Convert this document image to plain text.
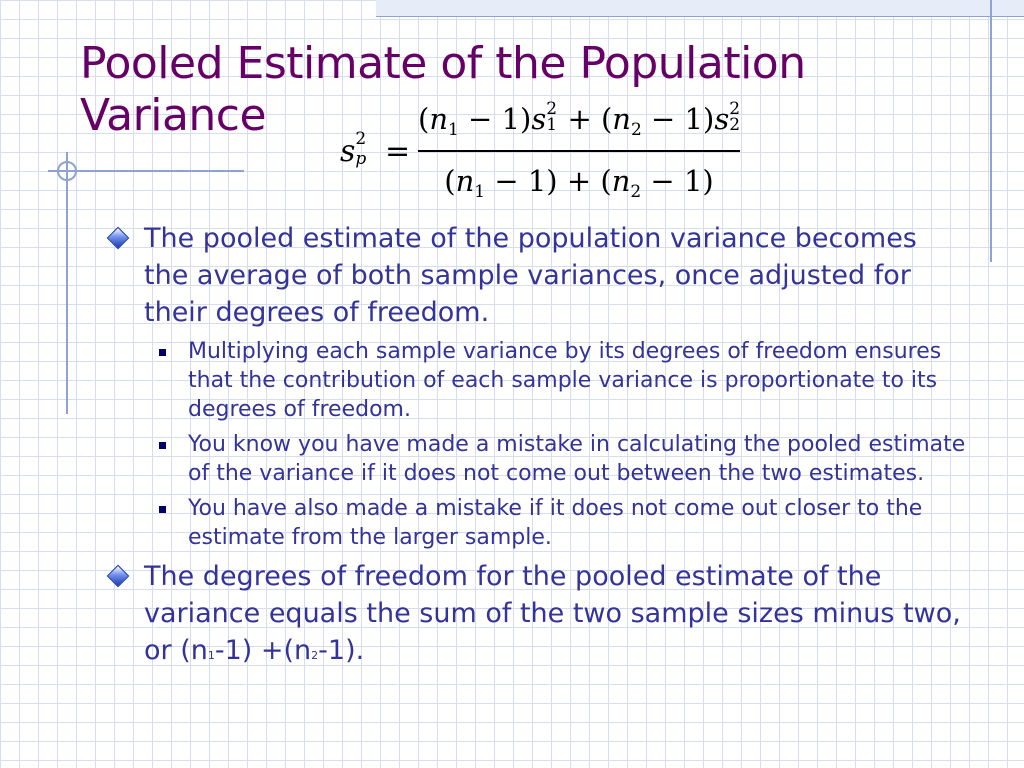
Pooled Estimate of the Population
Variance
s 2
p =
$(n_1 - 1)s$ 2
$1 + (n_2 - 1)s$ 2
2
$(n_1 - 1) + (n_2 - 1)$
The pooled estimate of the population variance becomes the average of both sample variances, once adjusted for their degrees of freedom.
Multiplying each sample variance by its degrees of freedom ensures that the contribution of each sample variance is proportionate to its degrees of freedom.
You know you have made a mistake in calculating the pooled estimate of the variance if it does not come out between the two estimates.
You have also made a mistake if it does not come out closer to the estimate from the larger sample.
The degrees of freedom for the pooled estimate of the variance equals the sum of the two sample sizes minus two, or (n1-1) +(n2-1).
